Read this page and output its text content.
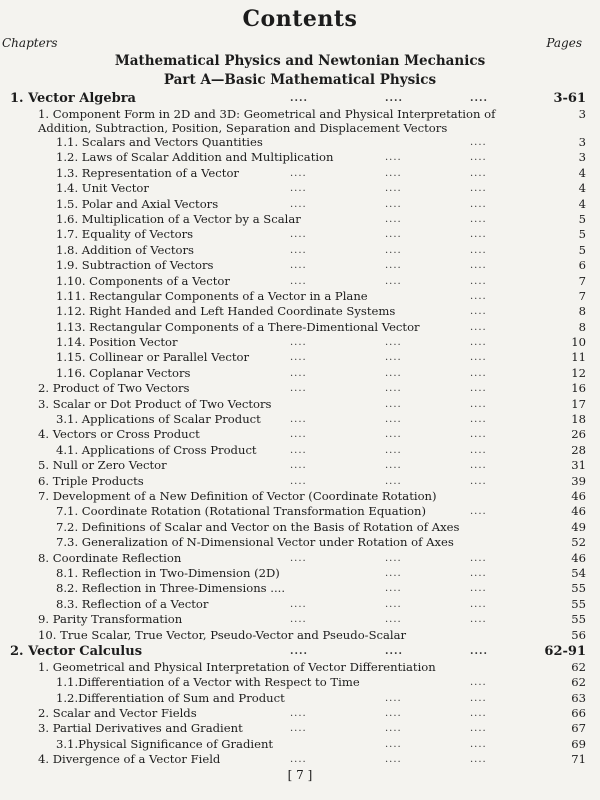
Contents
Chapters	Pages
Mathematical Physics and Newtonian Mechanics
Part A—Basic Mathematical Physics
1. Vector Algebra	....	....	....	3-61
1. Component Form in 2D and 3D: Geometrical and Physical Interpretation of Addition, Subtraction, Position, Separation and Displacement Vectors
3
1.1. Scalars and Vectors Quantities	....	3
1.2. Laws of Scalar Addition and Multiplication	....	....	3
1.3. Representation of a Vector	....	....	....	4
1.4. Unit Vector	....	....	....	4
1.5. Polar and Axial Vectors	....	....	....	4
1.6. Multiplication of a Vector by a Scalar	....	....	5
1.7. Equality of Vectors	....	....	....	5
1.8. Addition of Vectors	....	....	....	5
1.9. Subtraction of Vectors	....	....	....	6
1.10. Components of a Vector	....	....	....	7
1.11. Rectangular Components of a Vector in a Plane	....	7
1.12. Right Handed and Left Handed Coordinate Systems	....	8
1.13. Rectangular Components of a There-Dimentional Vector	....	8
1.14. Position Vector	....	....	....	10
1.15. Collinear or Parallel Vector	....	....	....	11
1.16. Coplanar Vectors	....	....	....	12
2. Product of Two Vectors	....	....	....	16
3. Scalar or Dot Product of Two Vectors	....	....	17
3.1. Applications of Scalar Product	....	....	....	18
4. Vectors or Cross Product	....	....	....	26
4.1. Applications of Cross Product	....	....	....	28
5. Null or Zero Vector	....	....	....	31
6. Triple Products	....	....	....	39
7. Development of a New Definition of Vector (Coordinate Rotation)	46
7.1. Coordinate Rotation (Rotational Transformation Equation)	....	46
7.2. Definitions of Scalar and Vector on the Basis of Rotation of Axes	49
7.3. Generalization of N-Dimensional Vector under Rotation of Axes	52
8. Coordinate Reflection	....	....	....	46
8.1. Reflection in Two-Dimension (2D)	....	....	54
8.2. Reflection in Three-Dimensions ....	....	....	55
8.3. Reflection of a Vector	....	....	....	55
9. Parity Transformation	....	....	....	55
10. True Scalar, True Vector, Pseudo-Vector and Pseudo-Scalar	56
2. Vector Calculus	....	....	....	62-91
1. Geometrical and Physical Interpretation of Vector Differentiation	62
1.1.Differentiation of a Vector with Respect to Time	....	62
1.2.Differentiation of Sum and Product	....	....	63
2. Scalar and Vector Fields	....	....	....	66
3. Partial Derivatives and Gradient	....	....	....	67
3.1.Physical Significance of Gradient	....	....	69
4. Divergence of a Vector Field	....	....	....	71
[ 7 ]
